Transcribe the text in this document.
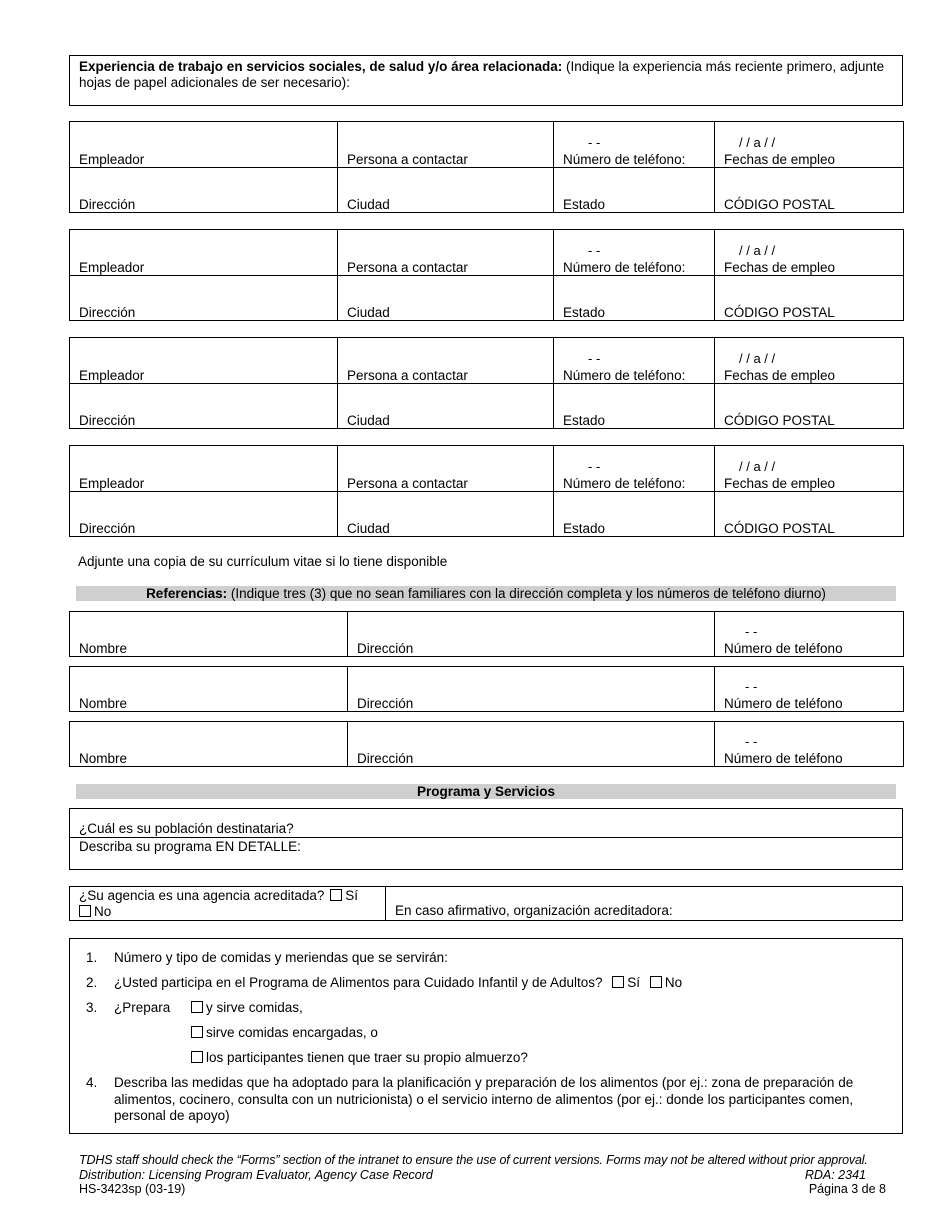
Experiencia de trabajo en servicios sociales, de salud y/o área relacionada: (Indique la experiencia más reciente primero, adjunte hojas de papel adicionales de ser necesario):

		- -	/ / a / /

Empleador	Persona a contactar	Número de teléfono:	Fechas de empleo

Dirección	Ciudad	Estado	CÓDIGO POSTAL

		- -	/ / a / /

Empleador	Persona a contactar	Número de teléfono:	Fechas de empleo

Dirección	Ciudad	Estado	CÓDIGO POSTAL

		- -	/ / a / /

Empleador	Persona a contactar	Número de teléfono:	Fechas de empleo

Dirección	Ciudad	Estado	CÓDIGO POSTAL

		- -	/ / a / /

Empleador	Persona a contactar	Número de teléfono:	Fechas de empleo

Dirección	Ciudad	Estado	CÓDIGO POSTAL
Adjunte una copia de su currículum vitae si lo tiene disponible
Referencias: (Indique tres (3) que no sean familiares con la dirección completa y los números de teléfono diurno)

		- -

Nombre	Dirección	Número de teléfono

		- -

Nombre	Dirección	Número de teléfono

		- -

Nombre	Dirección	Número de teléfono
Programa y Servicios
¿Cuál es su población destinataria?
Describa su programa EN DETALLE:
¿Su agencia es una agencia acreditada? Sí
No	En caso afirmativo, organización acreditadora:
1. Número y tipo de comidas y meriendas que se servirán:
2. ¿Usted participa en el Programa de Alimentos para Cuidado Infantil y de Adultos? Sí No
3. ¿Prepara	y sirve comidas,
sirve comidas encargadas, o
los participantes tienen que traer su propio almuerzo?
4. Describa las medidas que ha adoptado para la planificación y preparación de los alimentos (por ej.: zona de preparación de alimentos, cocinero, consulta con un nutricionista) o el servicio interno de alimentos (por ej.: donde los participantes comen, personal de apoyo)
TDHS staff should check the “Forms” section of the intranet to ensure the use of current versions. Forms may not be altered without prior approval.
Distribution: Licensing Program Evaluator, Agency Case Record	RDA: 2341
HS-3423sp (03-19)	Página 3 de 8
